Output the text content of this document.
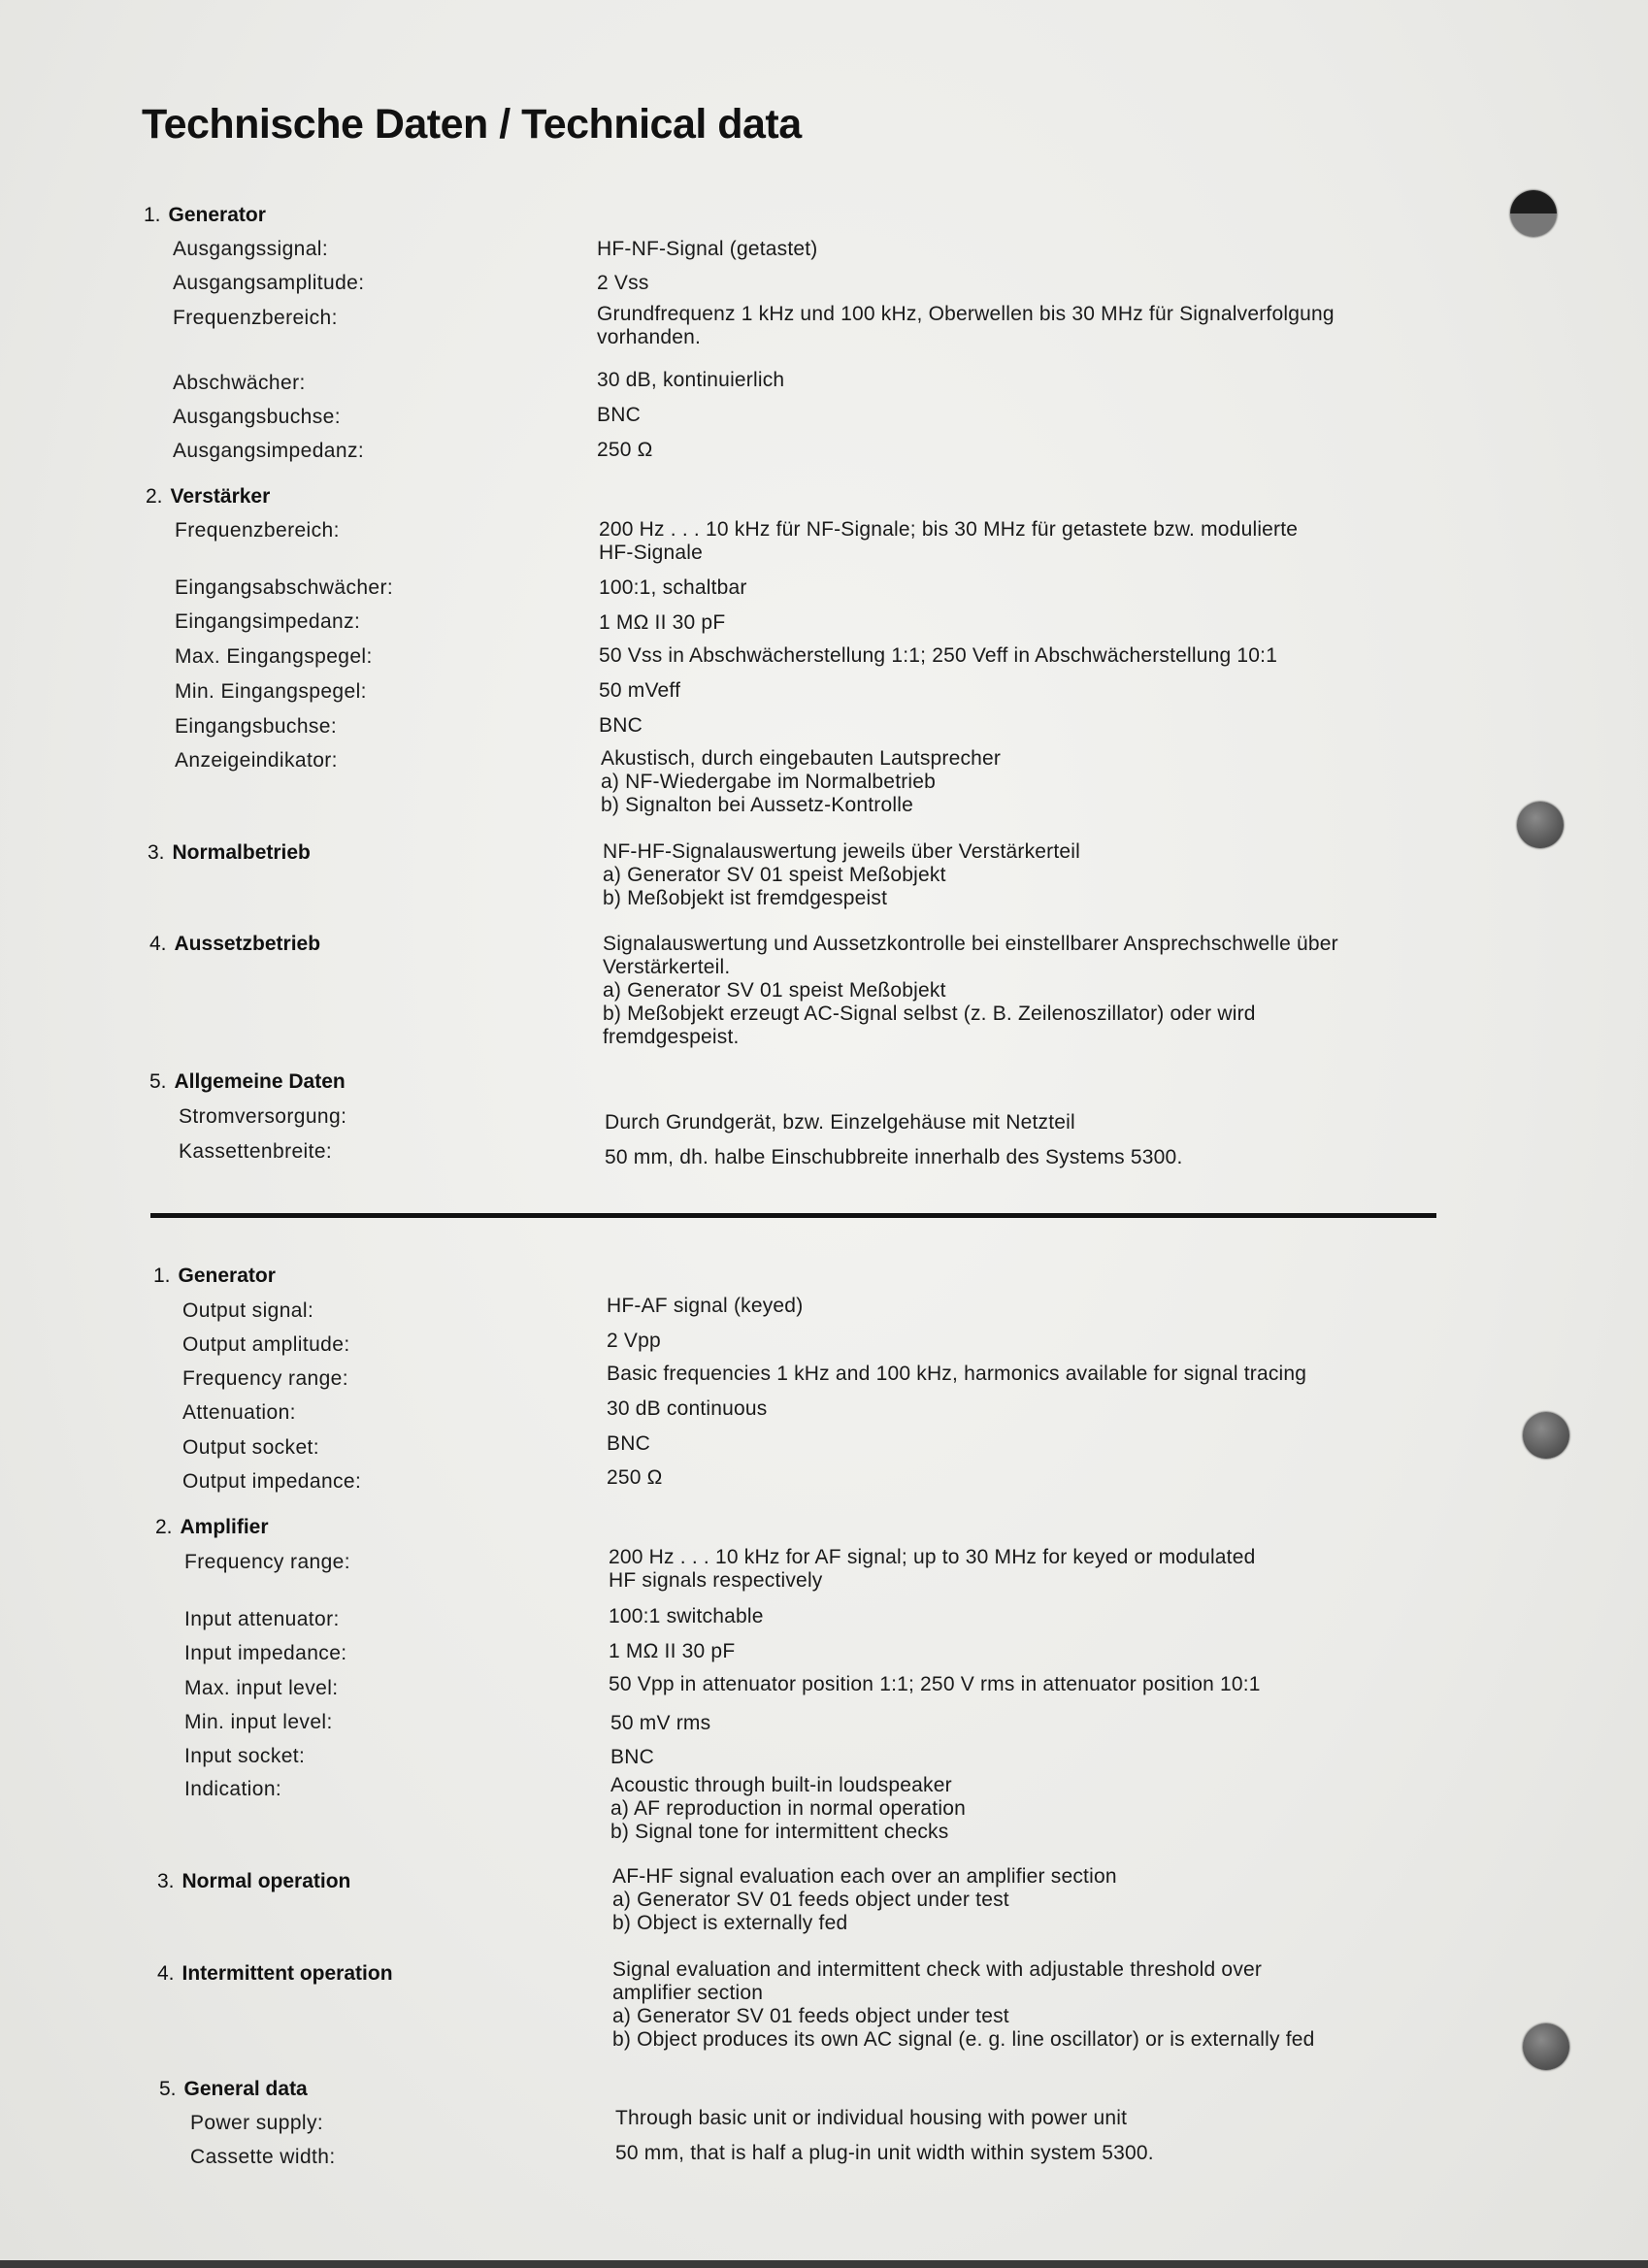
Technische Daten / Technical data
1. Generator
Ausgangssignal:	HF-NF-Signal (getastet)
Ausgangsamplitude:	2 Vss
Frequenzbereich:	Grundfrequenz 1 kHz und 100 kHz, Oberwellen bis 30 MHz für Signalverfolgung
vorhanden.
Abschwächer:	30 dB, kontinuierlich
Ausgangsbuchse:	BNC
Ausgangsimpedanz:	250 Ω
2. Verstärker
Frequenzbereich:	200 Hz . . . 10 kHz für NF-Signale; bis 30 MHz für getastete bzw. modulierte
HF-Signale
Eingangsabschwächer:	100:1, schaltbar
Eingangsimpedanz:	1 MΩ II 30 pF
Max. Eingangspegel:	50 Vss in Abschwächerstellung 1:1; 250 Veff in Abschwächerstellung 10:1
Min. Eingangspegel:	50 mVeff
Eingangsbuchse:	BNC
Anzeigeindikator:	Akustisch, durch eingebauten Lautsprecher
a) NF-Wiedergabe im Normalbetrieb
b) Signalton bei Aussetz-Kontrolle
3. Normalbetrieb	NF-HF-Signalauswertung jeweils über Verstärkerteil
a) Generator SV 01 speist Meßobjekt
b) Meßobjekt ist fremdgespeist
4. Aussetzbetrieb	Signalauswertung und Aussetzkontrolle bei einstellbarer Ansprechschwelle über
Verstärkerteil.
a) Generator SV 01 speist Meßobjekt
b) Meßobjekt erzeugt AC-Signal selbst (z. B. Zeilenoszillator) oder wird
fremdgespeist.
5. Allgemeine Daten
Stromversorgung:	Durch Grundgerät, bzw. Einzelgehäuse mit Netzteil
Kassettenbreite:	50 mm, dh. halbe Einschubbreite innerhalb des Systems 5300.
1. Generator
Output signal:	HF-AF signal (keyed)
Output amplitude:	2 Vpp
Frequency range:	Basic frequencies 1 kHz and 100 kHz, harmonics available for signal tracing
Attenuation:	30 dB continuous
Output socket:	BNC
Output impedance:	250 Ω
2. Amplifier
Frequency range:	200 Hz . . . 10 kHz for AF signal; up to 30 MHz for keyed or modulated
HF signals respectively
Input attenuator:	100:1 switchable
Input impedance:	1 MΩ II 30 pF
Max. input level:	50 Vpp in attenuator position 1:1; 250 V rms in attenuator position 10:1
Min. input level:	50 mV rms
Input socket:	BNC
Indication:	Acoustic through built-in loudspeaker
a) AF reproduction in normal operation
b) Signal tone for intermittent checks
3. Normal operation	AF-HF signal evaluation each over an amplifier section
a) Generator SV 01 feeds object under test
b) Object is externally fed
4. Intermittent operation	Signal evaluation and intermittent check with adjustable threshold over
amplifier section
a) Generator SV 01 feeds object under test
b) Object produces its own AC signal (e. g. line oscillator) or is externally fed
5. General data
Power supply:	Through basic unit or individual housing with power unit
Cassette width:	50 mm, that is half a plug-in unit width within system 5300.
